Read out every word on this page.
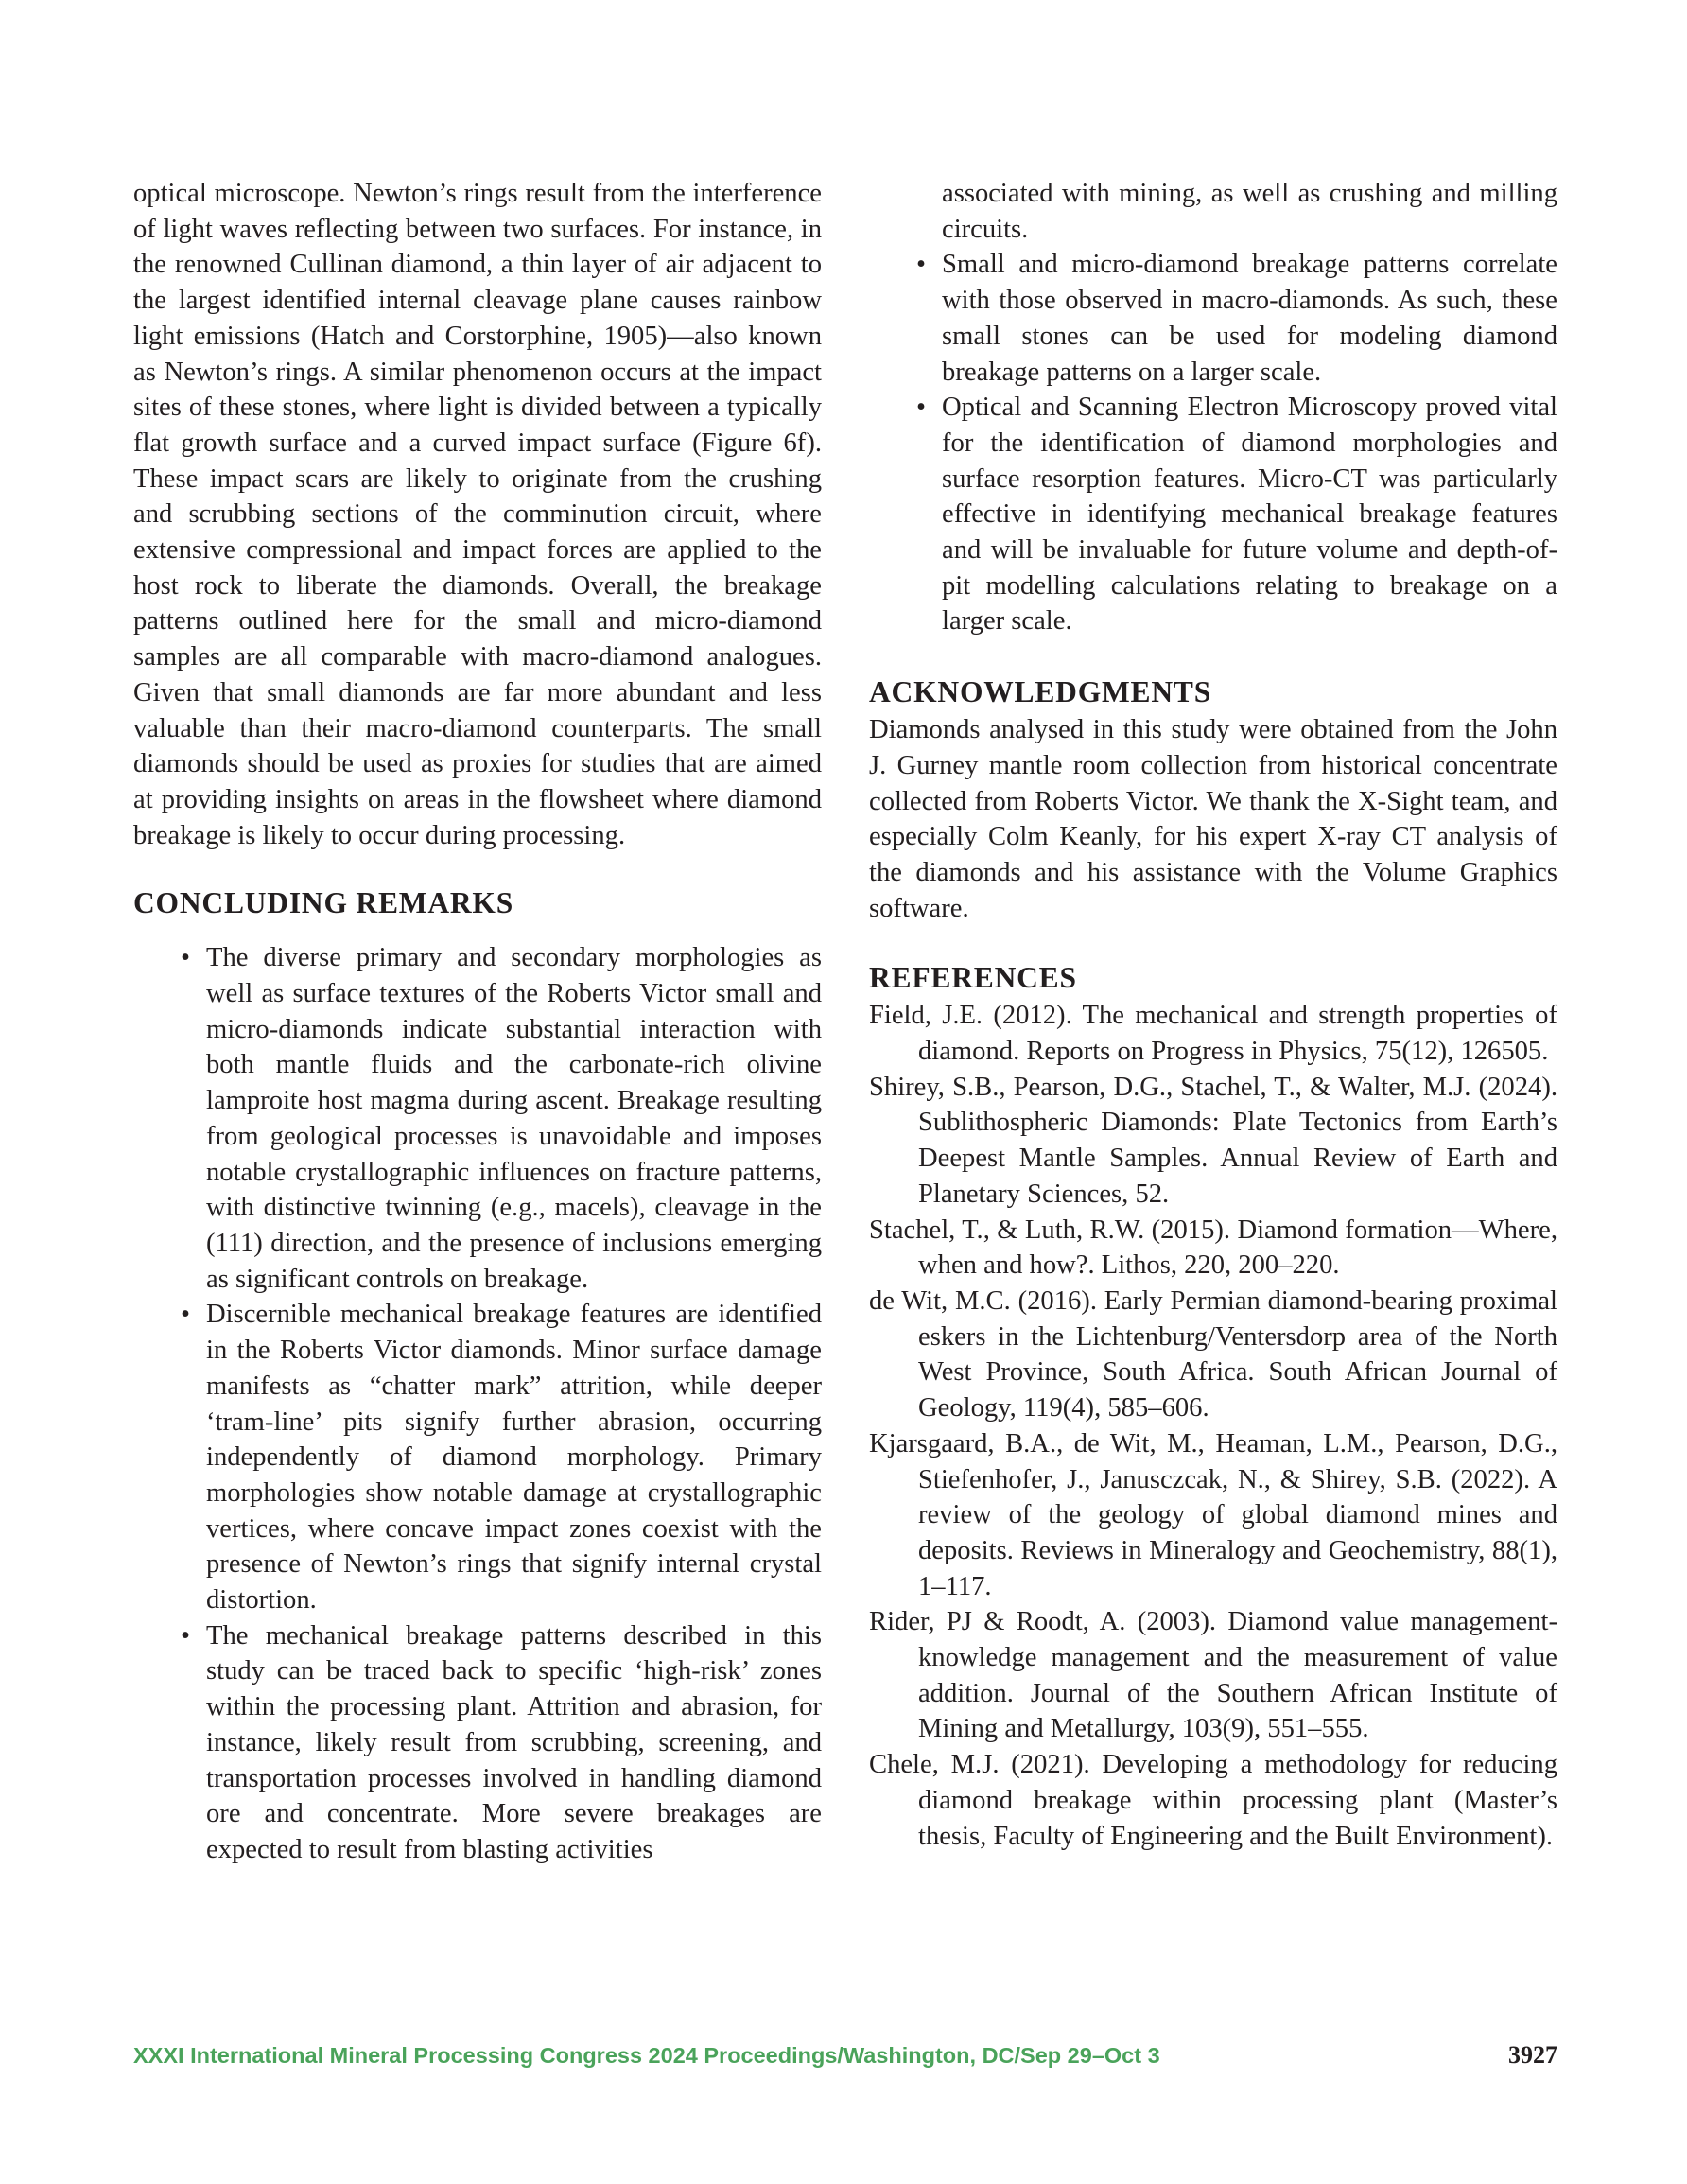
optical microscope. Newton’s rings result from the interference of light waves reflecting between two surfaces. For instance, in the renowned Cullinan diamond, a thin layer of air adjacent to the largest identified internal cleavage plane causes rainbow light emissions (Hatch and Corstorphine, 1905)—also known as Newton’s rings. A similar phenomenon occurs at the impact sites of these stones, where light is divided between a typically flat growth surface and a curved impact surface (Figure 6f). These impact scars are likely to originate from the crushing and scrubbing sections of the comminution circuit, where extensive compressional and impact forces are applied to the host rock to liberate the diamonds. Overall, the breakage patterns outlined here for the small and micro-diamond samples are all comparable with macro-diamond analogues. Given that small diamonds are far more abundant and less valuable than their macro-diamond counterparts. The small diamonds should be used as proxies for studies that are aimed at providing insights on areas in the flowsheet where diamond breakage is likely to occur during processing.

CONCLUDING REMARKS
• The diverse primary and secondary morphologies as well as surface textures of the Roberts Victor small and micro-diamonds indicate substantial interaction with both mantle fluids and the carbonate-rich olivine lamproite host magma during ascent. Breakage resulting from geological processes is unavoidable and imposes notable crystallographic influences on fracture patterns, with distinctive twinning (e.g., macels), cleavage in the (111) direction, and the presence of inclusions emerging as significant controls on breakage.
• Discernible mechanical breakage features are identified in the Roberts Victor diamonds. Minor surface damage manifests as “chatter mark” attrition, while deeper ‘tram-line’ pits signify further abrasion, occurring independently of diamond morphology. Primary morphologies show notable damage at crystallographic vertices, where concave impact zones coexist with the presence of Newton’s rings that signify internal crystal distortion.
• The mechanical breakage patterns described in this study can be traced back to specific ‘high-risk’ zones within the processing plant. Attrition and abrasion, for instance, likely result from scrubbing, screening, and transportation processes involved in handling diamond ore and concentrate. More severe breakages are expected to result from blasting activities
associated with mining, as well as crushing and milling circuits.
• Small and micro-diamond breakage patterns correlate with those observed in macro-diamonds. As such, these small stones can be used for modeling diamond breakage patterns on a larger scale.
• Optical and Scanning Electron Microscopy proved vital for the identification of diamond morphologies and surface resorption features. Micro-CT was particularly effective in identifying mechanical breakage features and will be invaluable for future volume and depth-of-pit modelling calculations relating to breakage on a larger scale.
ACKNOWLEDGMENTS

Diamonds analysed in this study were obtained from the John J. Gurney mantle room collection from historical concentrate collected from Roberts Victor. We thank the X-Sight team, and especially Colm Keanly, for his expert X-ray CT analysis of the diamonds and his assistance with the Volume Graphics software.

REFERENCES

Field, J.E. (2012). The mechanical and strength properties of diamond. Reports on Progress in Physics, 75(12), 126505.

Shirey, S.B., Pearson, D.G., Stachel, T., & Walter, M.J. (2024). Sublithospheric Diamonds: Plate Tectonics from Earth’s Deepest Mantle Samples. Annual Review of Earth and Planetary Sciences, 52.

Stachel, T., & Luth, R.W. (2015). Diamond formation—Where, when and how?. Lithos, 220, 200–220.

de Wit, M.C. (2016). Early Permian diamond-bearing proximal eskers in the Lichtenburg/Ventersdorp area of the North West Province, South Africa. South African Journal of Geology, 119(4), 585–606.

Kjarsgaard, B.A., de Wit, M., Heaman, L.M., Pearson, D.G., Stiefenhofer, J., Janusczcak, N., & Shirey, S.B. (2022). A review of the geology of global diamond mines and deposits. Reviews in Mineralogy and Geochemistry, 88(1), 1–117.

Rider, PJ & Roodt, A. (2003). Diamond value management-knowledge management and the measurement of value addition. Journal of the Southern African Institute of Mining and Metallurgy, 103(9), 551–555.

Chele, M.J. (2021). Developing a methodology for reducing diamond breakage within processing plant (Master’s thesis, Faculty of Engineering and the Built Environment).

XXXI International Mineral Processing Congress 2024 Proceedings/Washington, DC/Sep 29–Oct 3	3927
